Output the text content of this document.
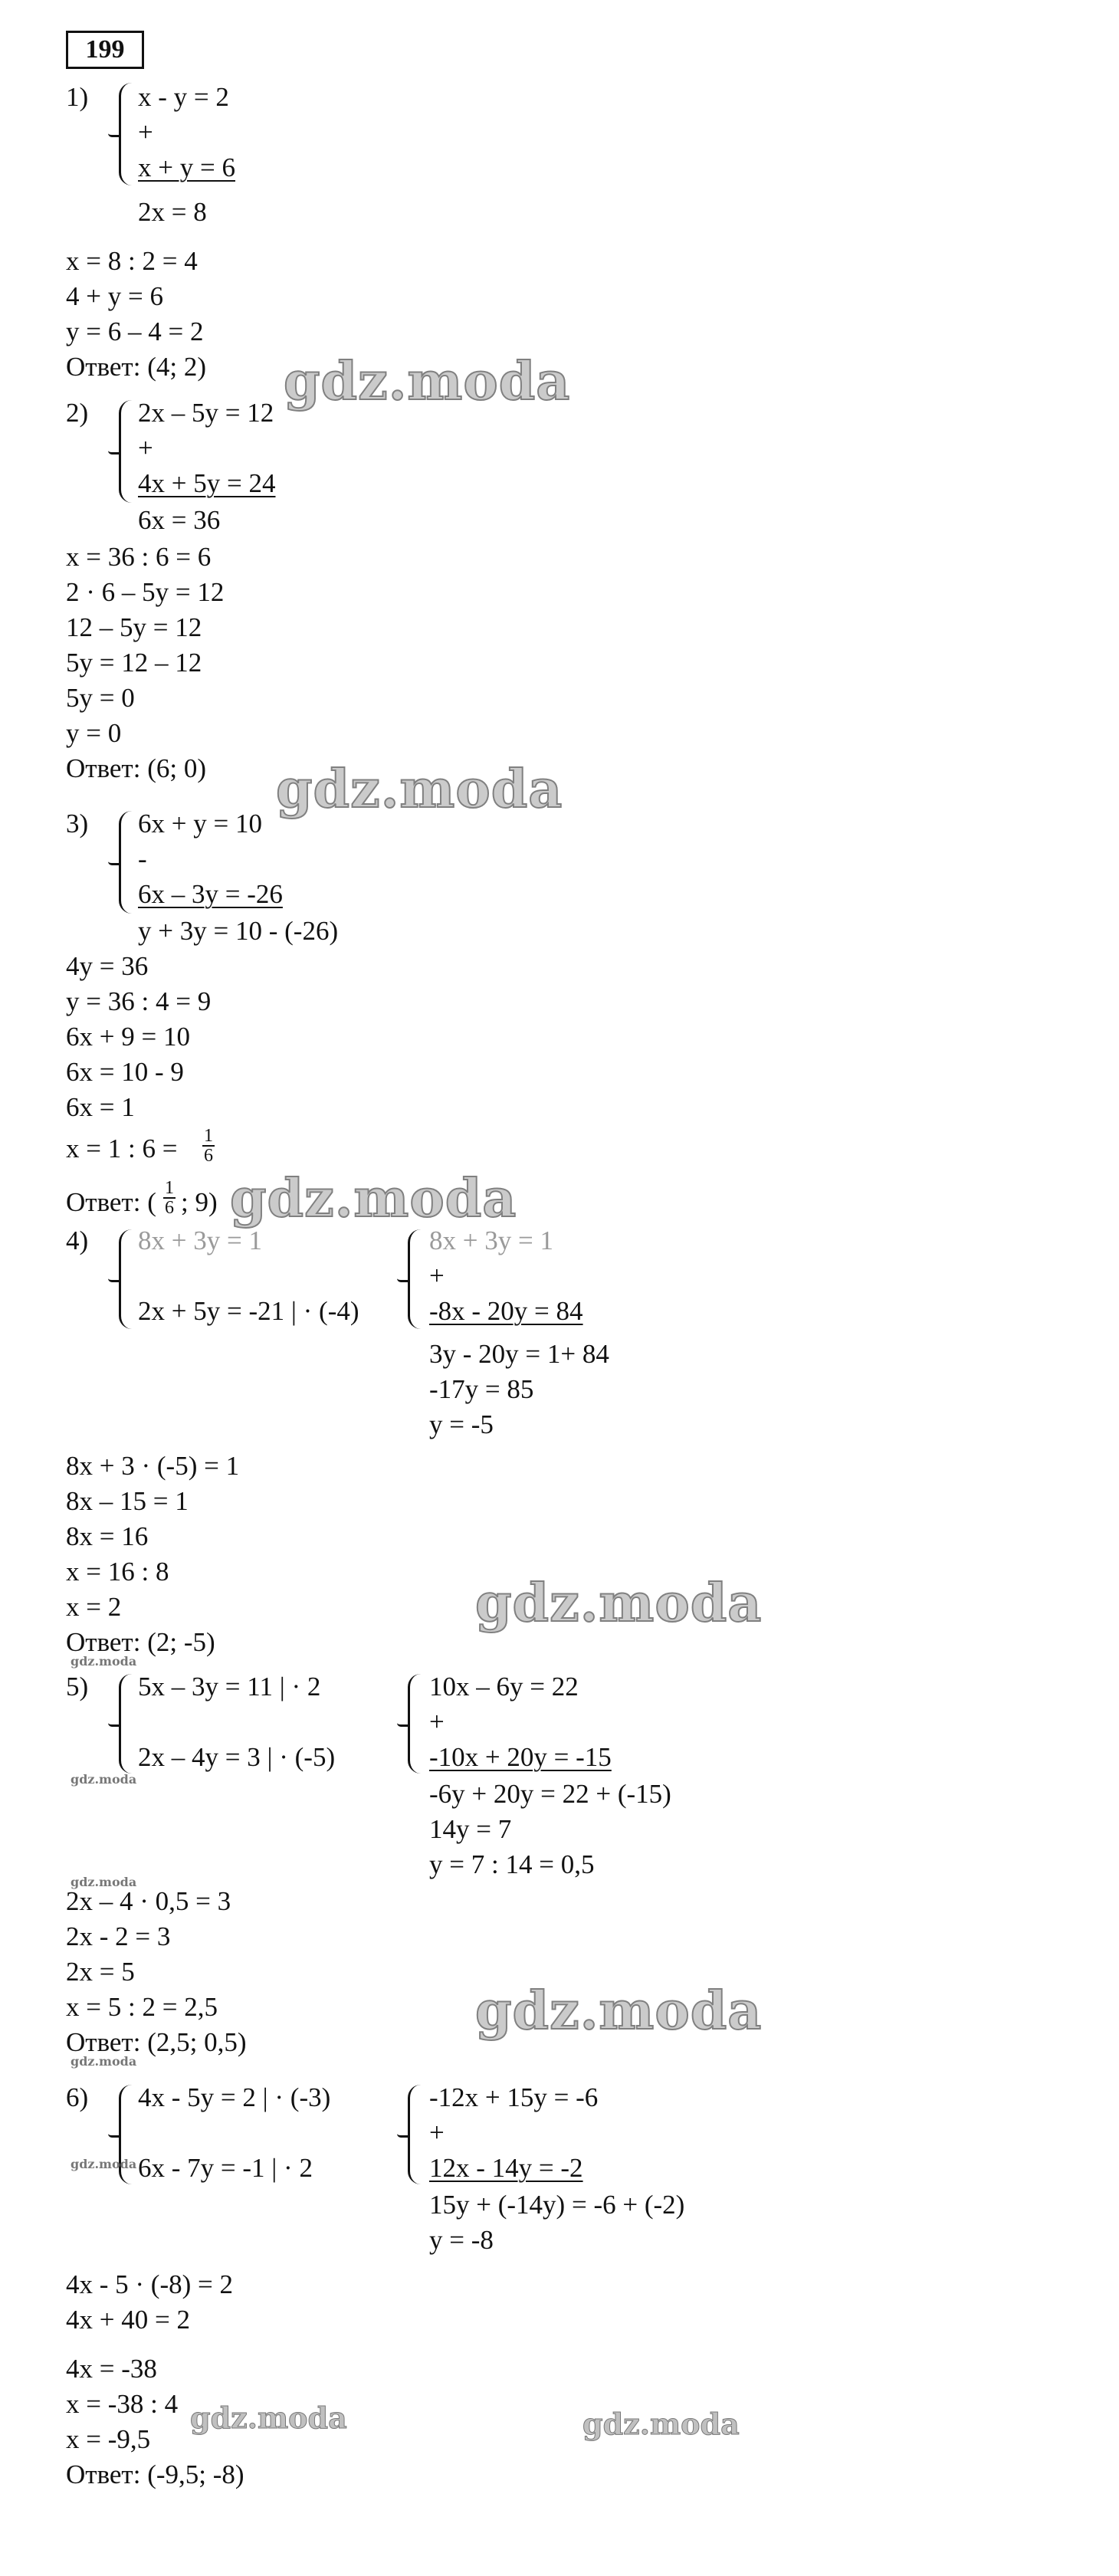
199
1) x - y = 2
+
x + y = 6
2x = 8
x = 8 : 2 = 4
4 + y = 6
y = 6 – 4 = 2
Ответ: (4; 2) gdz.moda
2) 2x – 5y = 12
+
4x + 5y = 24
6x = 36
x = 36 : 6 = 6
2 · 6 – 5y = 12
12 – 5y = 12
5y = 12 – 12
5y = 0
y = 0
Ответ: (6; 0) gdz.moda
3) 6x + y = 10
-
6x – 3y = -26
y + 3y = 10 - (-26)
4y = 36
y = 36 : 4 = 9
6x + 9 = 10
6x = 10 - 9
6x = 1
x = 1 : $6 = \frac{1}{6}$
Ответ: ( $\frac{1}{6}$ ; 9) gdz.moda
4) 8x + 3y = 1
2x + 5y = -21 | · (-4)
8x + 3y = 1
+
-8x - 20y = 84
3y - 20y = 1+ 84
-17y = 85
y = -5
8x + 3 · (-5) = 1
8x – 15 = 1
8x = 16
x = 16 : 8
x = 2
Ответ: (2; -5)
gdz.moda
gdz.moda
5) 5x – 3y = 11 | · 2
2x – 4y = 3 | · (-5)
gdz.moda
10x – 6y = 22
+
-10x + 20y = -15
-6y + 20y = 22 + (-15)
14y = 7
y = 7 : 14 = 0,5
gdz.moda
2x – 4 · 0,5 = 3
2x - 2 = 3
2x = 5
x = 5 : 2 = 2,5
Ответ: (2,5; 0,5)
gdz.moda
gdz.moda
6) 4x - 5y = 2 | · (-3)
6x - 7y = -1 | · 2
gdz.moda
-12x + 15y = -6
+
12x - 14y = -2
15y + (-14y) = -6 + (-2)
y = -8
4x - 5 · (-8) = 2
4x + 40 = 2
4x = -38
x = -38 : 4
x = -9,5
Ответ: (-9,5; -8)
gdz.moda	gdz.moda
